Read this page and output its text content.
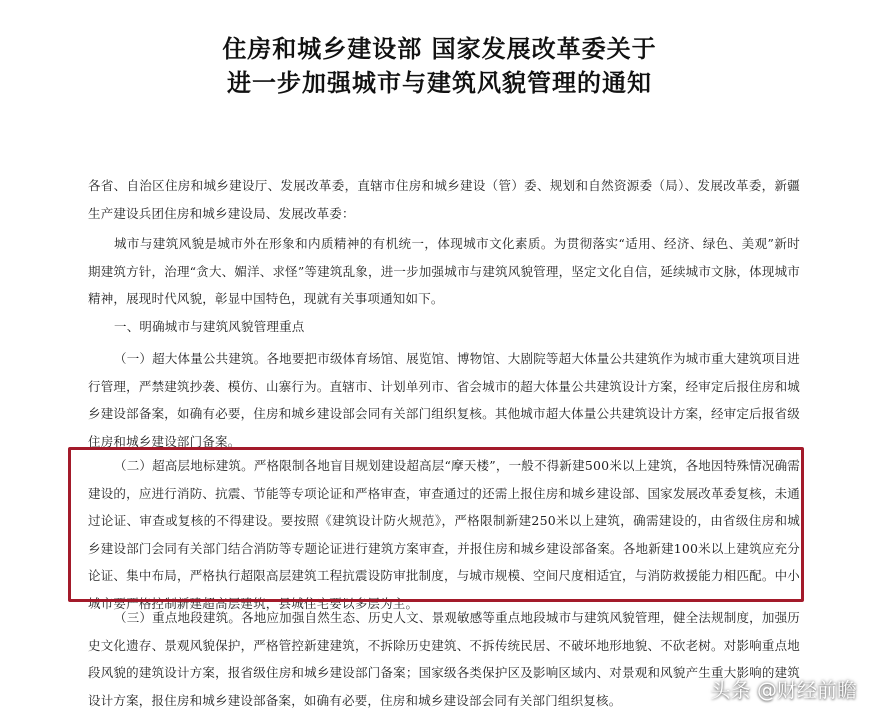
住房和城乡建设部 国家发展改革委关于
进一步加强城市与建筑风貌管理的通知
各省、自治区住房和城乡建设厅、发展改革委，直辖市住房和城乡建设（管）委、规划和自然资源委（局）、发展改革委，新疆生产建设兵团住房和城乡建设局、发展改革委：
城市与建筑风貌是城市外在形象和内质精神的有机统一，体现城市文化素质。为贯彻落实“适用、经济、绿色、美观”新时期建筑方针，治理“贪大、媚洋、求怪”等建筑乱象，进一步加强城市与建筑风貌管理，坚定文化自信，延续城市文脉，体现城市精神，展现时代风貌，彰显中国特色，现就有关事项通知如下。
一、明确城市与建筑风貌管理重点
（一）超大体量公共建筑。各地要把市级体育场馆、展览馆、博物馆、大剧院等超大体量公共建筑作为城市重大建筑项目进行管理，严禁建筑抄袭、模仿、山寨行为。直辖市、计划单列市、省会城市的超大体量公共建筑设计方案，经审定后报住房和城乡建设部备案，如确有必要，住房和城乡建设部会同有关部门组织复核。其他城市超大体量公共建筑设计方案，经审定后报省级住房和城乡建设部门备案。
（二）超高层地标建筑。严格限制各地盲目规划建设超高层“摩天楼”，一般不得新建500米以上建筑，各地因特殊情况确需建设的，应进行消防、抗震、节能等专项论证和严格审查，审查通过的还需上报住房和城乡建设部、国家发展改革委复核，未通过论证、审查或复核的不得建设。要按照《建筑设计防火规范》，严格限制新建250米以上建筑，确需建设的，由省级住房和城乡建设部门会同有关部门结合消防等专题论证进行建筑方案审查，并报住房和城乡建设部备案。各地新建100米以上建筑应充分论证、集中布局，严格执行超限高层建筑工程抗震设防审批制度，与城市规模、空间尺度相适宜，与消防救援能力相匹配。中小城市要严格控制新建超高层建筑，县城住宅要以多层为主。
（三）重点地段建筑。各地应加强自然生态、历史人文、景观敏感等重点地段城市与建筑风貌管理，健全法规制度，加强历史文化遗存、景观风貌保护，严格管控新建建筑，不拆除历史建筑、不拆传统民居、不破坏地形地貌、不砍老树。对影响重点地段风貌的建筑设计方案，报省级住房和城乡建设部门备案；国家级各类保护区及影响区域内、对景观和风貌产生重大影响的建筑设计方案，报住房和城乡建设部备案，如确有必要，住房和城乡建设部会同有关部门组织复核。	头条 @财经前瞻
